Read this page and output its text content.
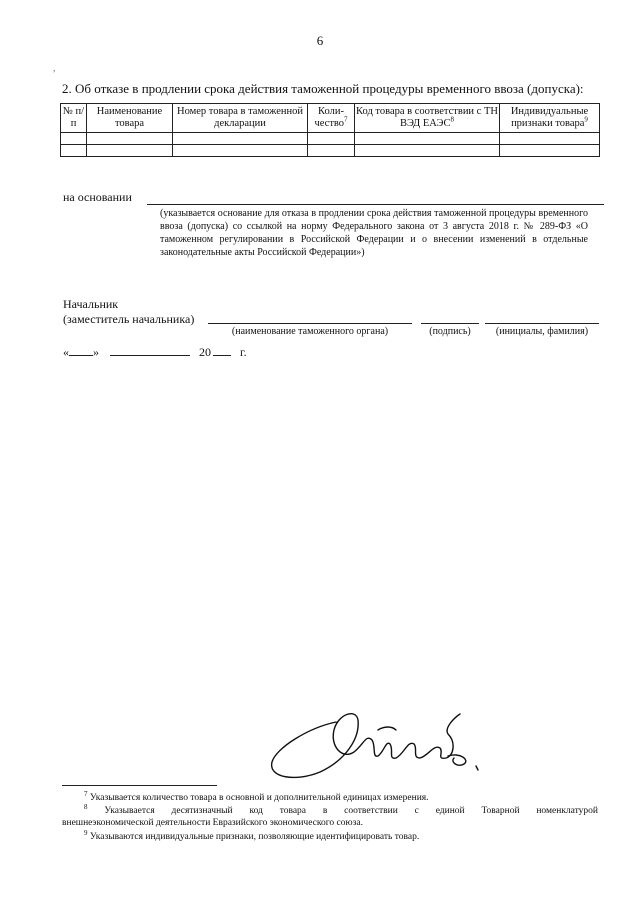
6
,
2. Об отказе в продлении срока действия таможенной процедуры временного ввоза (допуска):
№ п/п	Наименование товара	Номер товара в таможенной декларации	Коли-чество$^7$	Код товара в соответствии с ТН ВЭД ЕАЭС$^8$	Индивидуальные признаки товара$^9$

на основании
(указывается основание для отказа в продлении срока действия таможенной процедуры временного ввоза (допуска) со ссылкой на норму Федерального закона от 3 августа 2018 г. № 289-ФЗ «О таможенном регулировании в Российской Федерации и о внесении изменений в отдельные законодательные акты Российской Федерации»)
Начальник
(заместитель начальника)
(наименование таможенного органа)	(подпись)	(инициалы, фамилия)
« »	20 г.
$^7$ Указывается количество товара в основной и дополнительной единицах измерения.
$^8$ Указывается десятизначный код товара в соответствии с единой Товарной номенклатурой
внешнеэкономической деятельности Евразийского экономического союза.
$^9$ Указываются индивидуальные признаки, позволяющие идентифицировать товар.
